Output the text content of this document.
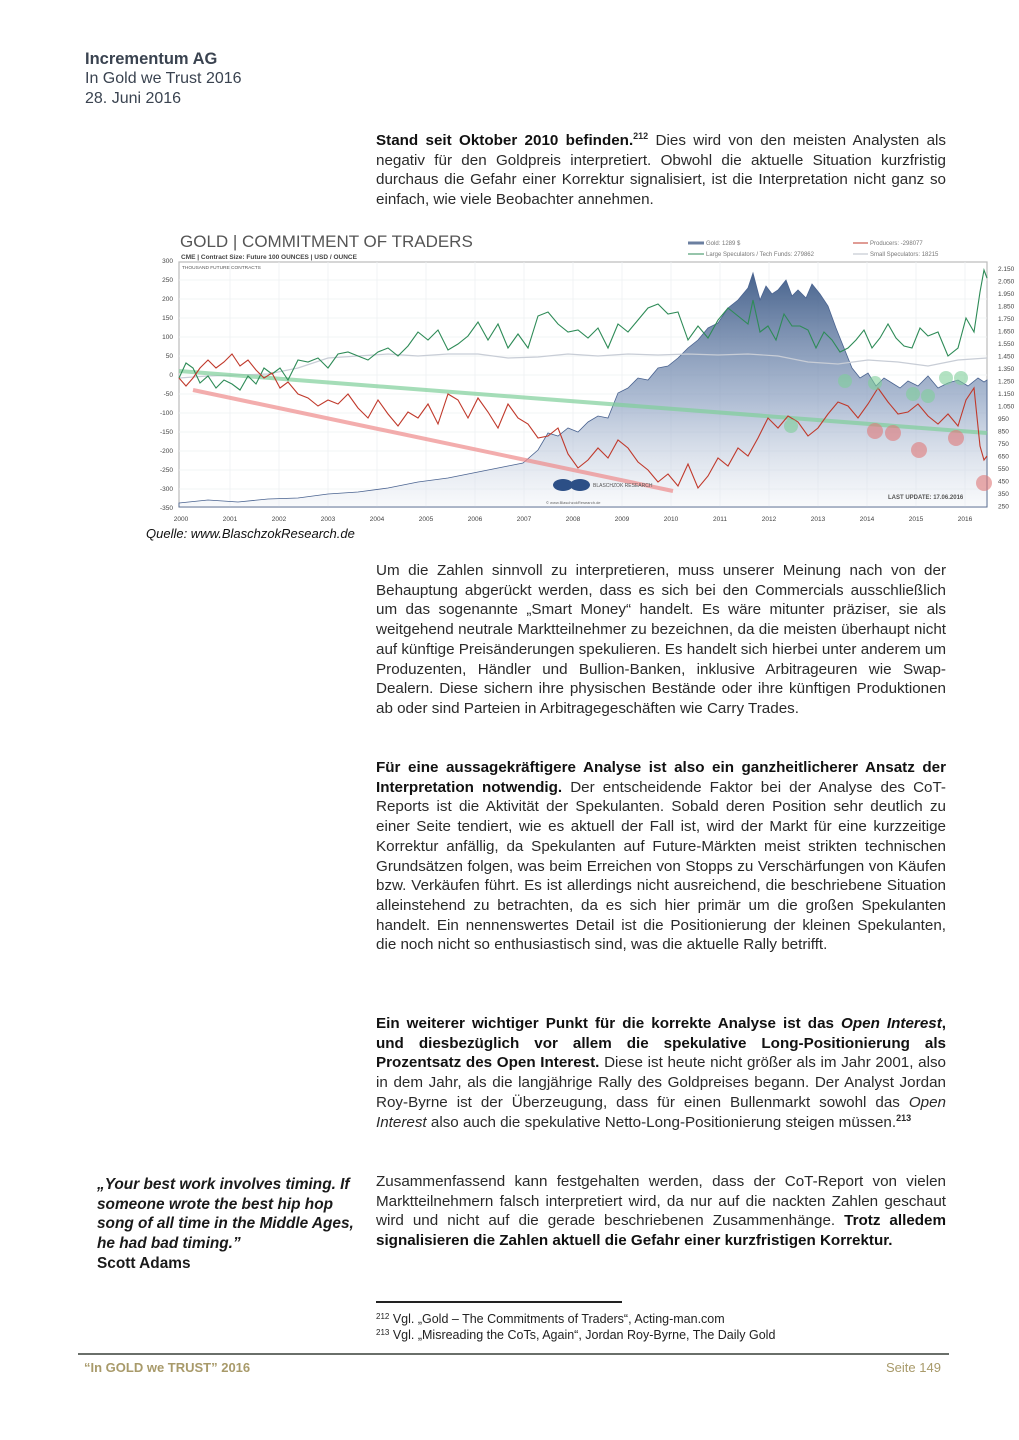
Incrementum AG
In Gold we Trust 2016
28. Juni 2016
Stand seit Oktober 2010 befinden.$^{212}$ Dies wird von den meisten Analysten als negativ für den Goldpreis interpretiert. Obwohl die aktuelle Situation kurzfristig durchaus die Gefahr einer Korrektur signalisiert, ist die Interpretation nicht ganz so einfach, wie viele Beobachter annehmen.
GOLD | COMMITMENT OF TRADERS
CME | Contract Size: Future 100 OUNCES | USD / OUNCE
Gold: 1289 $
Large Speculators / Tech Funds: 279862
Producers: -298077
Small Speculators: 18215
THOUSAND FUTURE CONTRACTS
BLASCHZOK RESEARCH
© www.BlaschzokResearch.de
LAST UPDATE: 17.06.2016
300
250
200
150
100
50
0
-50
-100
-150
-200
-250
-300
-350
2.150
2.050
1.950
1.850
1.750
1.650
1.550
1.450
1.350
1.250
1.150
1.050
950
850
750
650
550
450
350
250
2000	2001	2002	2003	2004	2005	2006	2007	2008	2009	2010	2011	2012	2013	2014	2015	2016
Quelle: www.BlaschzokResearch.de
Um die Zahlen sinnvoll zu interpretieren, muss unserer Meinung nach von der Behauptung abgerückt werden, dass es sich bei den Commercials ausschließlich um das sogenannte „Smart Money“ handelt. Es wäre mitunter präziser, sie als weitgehend neutrale Marktteilnehmer zu bezeichnen, da die meisten überhaupt nicht auf künftige Preisänderungen spekulieren. Es handelt sich hierbei unter anderem um Produzenten, Händler und Bullion-Banken, inklusive Arbitrageuren wie Swap-Dealern. Diese sichern ihre physischen Bestände oder ihre künftigen Produktionen ab oder sind Parteien in Arbitragegeschäften wie Carry Trades.
Für eine aussagekräftigere Analyse ist also ein ganzheitlicherer Ansatz der Interpretation notwendig. Der entscheidende Faktor bei der Analyse des CoT-Reports ist die Aktivität der Spekulanten. Sobald deren Position sehr deutlich zu einer Seite tendiert, wie es aktuell der Fall ist, wird der Markt für eine kurzzeitige Korrektur anfällig, da Spekulanten auf Future-Märkten meist strikten technischen Grundsätzen folgen, was beim Erreichen von Stopps zu Verschärfungen von Käufen bzw. Verkäufen führt. Es ist allerdings nicht ausreichend, die beschriebene Situation alleinstehend zu betrachten, da es sich hier primär um die großen Spekulanten handelt. Ein nennenswertes Detail ist die Positionierung der kleinen Spekulanten, die noch nicht so enthusiastisch sind, was die aktuelle Rally betrifft.
Ein weiterer wichtiger Punkt für die korrekte Analyse ist das Open Interest, und diesbezüglich vor allem die spekulative Long-Positionierung als Prozentsatz des Open Interest. Diese ist heute nicht größer als im Jahr 2001, also in dem Jahr, als die langjährige Rally des Goldpreises begann. Der Analyst Jordan Roy-Byrne ist der Überzeugung, dass für einen Bullenmarkt sowohl das Open Interest also auch die spekulative Netto-Long-Positionierung steigen müssen.$^{213}$
„Your best work involves timing. If someone wrote the best hip hop song of all time in the Middle Ages, he had bad timing.”
Scott Adams
Zusammenfassend kann festgehalten werden, dass der CoT-Report von vielen Marktteilnehmern falsch interpretiert wird, da nur auf die nackten Zahlen geschaut wird und nicht auf die gerade beschriebenen Zusammenhänge. Trotz alledem signalisieren die Zahlen aktuell die Gefahr einer kurzfristigen Korrektur.
$^{212}$ Vgl. „Gold – The Commitments of Traders“, Acting-man.com
$^{213}$ Vgl. „Misreading the CoTs, Again“, Jordan Roy-Byrne, The Daily Gold
“In GOLD we TRUST” 2016	Seite 149
